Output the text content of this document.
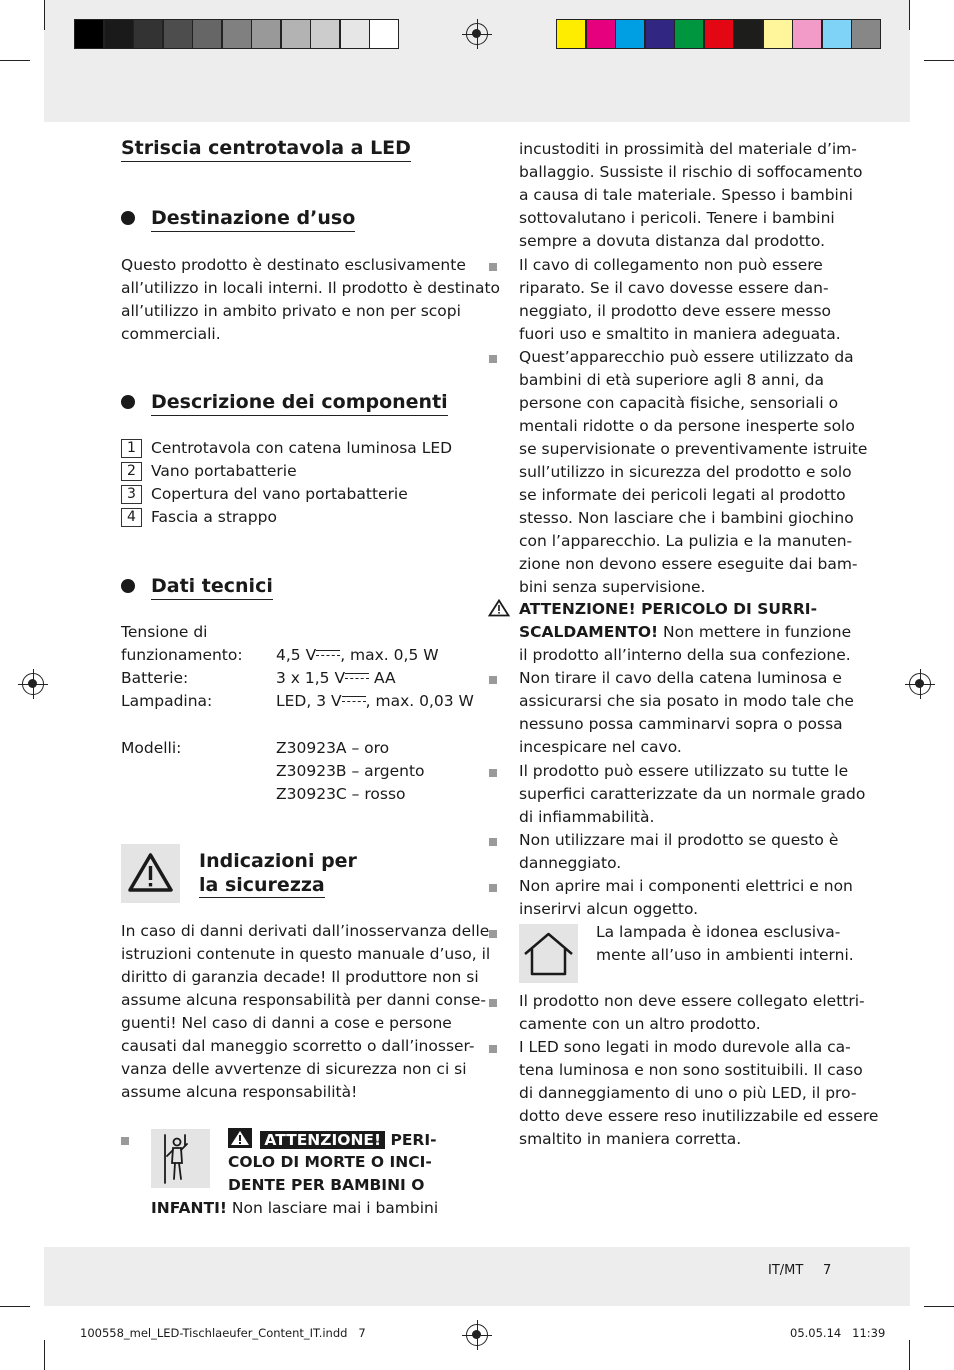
Striscia centrotavola a LED
Destinazione d’uso
Questo prodotto è destinato esclusivamente
all’utilizzo in locali interni. Il prodotto è destinato
all’utilizzo in ambito privato e non per scopi
commerciali.
Descrizione dei componenti
1 Centrotavola con catena luminosa LED
2 Vano portabatterie
3 Copertura del vano portabatterie
4 Fascia a strappo
Dati tecnici
Tensione di
funzionamento: 4,5 V , max. 0,5 W
Batterie:	3 x 1,5 V AA
Lampadina:	LED, 3 V , max. 0,03 W
Modelli:	Z30923A – oro
Z30923B – argento
Z30923C – rosso
Indicazioni per
la sicurezza
In caso di danni derivati dall’inosservanza delle
istruzioni contenute in questo manuale d’uso, il
diritto di garanzia decade! Il produttore non si
assume alcuna responsabilità per danni conse-
guenti! Nel caso di danni a cose e persone
causati dal maneggio scorretto o dall’inosser-
vanza delle avvertenze di sicurezza non ci si
assume alcuna responsabilità!
ATTENZIONE! PERI-
COLO DI MORTE O INCI-
DENTE PER BAMBINI O
INFANTI! Non lasciare mai i bambini
incustoditi in prossimità del materiale d’im-
ballaggio. Sussiste il rischio di soffocamento
a causa di tale materiale. Spesso i bambini
sottovalutano i pericoli. Tenere i bambini
sempre a dovuta distanza dal prodotto.
Il cavo di collegamento non può essere
riparato. Se il cavo dovesse essere dan-
neggiato, il prodotto deve essere messo
fuori uso e smaltito in maniera adeguata.
Quest’apparecchio può essere utilizzato da
bambini di età superiore agli 8 anni, da
persone con capacità fisiche, sensoriali o
mentali ridotte o da persone inesperte solo
se supervisionate o preventivamente istruite
sull’utilizzo in sicurezza del prodotto e solo
se informate dei pericoli legati al prodotto
stesso. Non lasciare che i bambini giochino
con l’apparecchio. La pulizia e la manuten-
zione non devono essere eseguite dai bam-
bini senza supervisione.
ATTENZIONE! PERICOLO DI SURRI-
SCALDAMENTO! Non mettere in funzione
il prodotto all’interno della sua confezione.
Non tirare il cavo della catena luminosa e
assicurarsi che sia posato in modo tale che
nessuno possa camminarvi sopra o possa
incespicare nel cavo.
Il prodotto può essere utilizzato su tutte le
superfici caratterizzate da un normale grado
di infiammabilità.
Non utilizzare mai il prodotto se questo è
danneggiato.
Non aprire mai i componenti elettrici e non
inserirvi alcun oggetto.
La lampada è idonea esclusiva-
mente all’uso in ambienti interni.
Il prodotto non deve essere collegato elettri-
camente con un altro prodotto.
I LED sono legati in modo durevole alla ca-
tena luminosa e non sono sostituibili. Il caso
di danneggiamento di uno o più LED, il pro-
dotto deve essere reso inutilizzabile ed essere
smaltito in maniera corretta.
IT/MT 7
100558_mel_LED-Tischlaeufer_Content_IT.indd   7	05.05.14   11:39
